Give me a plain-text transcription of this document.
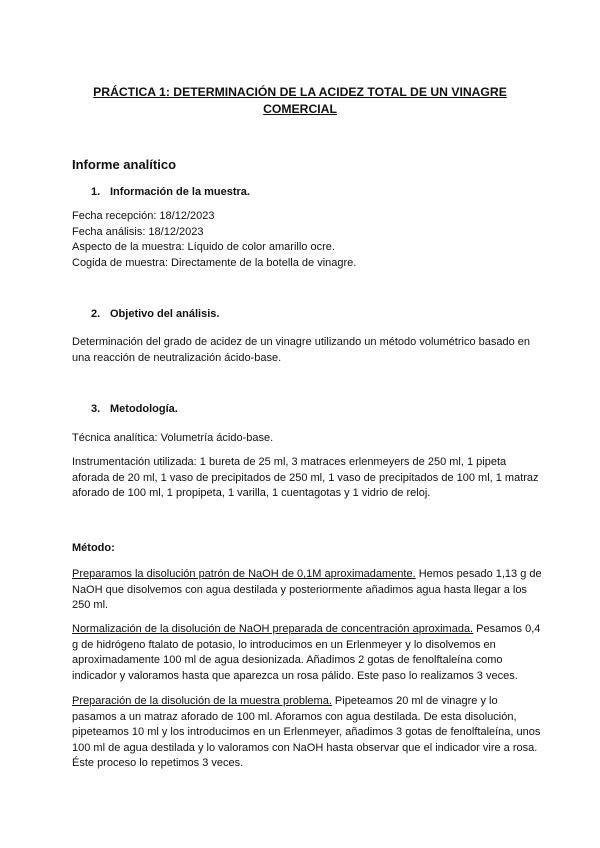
PRÁCTICA 1: DETERMINACIÓN DE LA ACIDEZ TOTAL DE UN VINAGRE
COMERCIAL
Informe analítico
1. Información de la muestra.
Fecha recepción: 18/12/2023
Fecha análisis: 18/12/2023
Aspecto de la muestra: Líquido de color amarillo ocre.
Cogida de muestra: Directamente de la botella de vinagre.
2. Objetivo del análisis.
Determinación del grado de acidez de un vinagre utilizando un método volumétrico basado en una reacción de neutralización ácido-base.
3. Metodología.
Técnica analítica: Volumetría ácido-base.
Instrumentación utilizada: 1 bureta de 25 ml, 3 matraces erlenmeyers de 250 ml, 1 pipeta aforada de 20 ml, 1 vaso de precipitados de 250 ml, 1 vaso de precipitados de 100 ml, 1 matraz aforado de 100 ml, 1 propipeta, 1 varilla, 1 cuentagotas y 1 vidrio de reloj.
Método:
Preparamos la disolución patrón de NaOH de 0,1M aproximadamente. Hemos pesado 1,13 g de NaOH que disolvemos con agua destilada y posteriormente añadimos agua hasta llegar a los 250 ml.
Normalización de la disolución de NaOH preparada de concentración aproximada. Pesamos 0,4 g de hidrógeno ftalato de potasio, lo introducimos en un Erlenmeyer y lo disolvemos en aproximadamente 100 ml de agua desionizada. Añadimos 2 gotas de fenolftaleína como indicador y valoramos hasta que aparezca un rosa pálido. Este paso lo realizamos 3 veces.
Preparación de la disolución de la muestra problema. Pipeteamos 20 ml de vinagre y lo pasamos a un matraz aforado de 100 ml. Aforamos con agua destilada. De esta disolución, pipeteamos 10 ml y los introducimos en un Erlenmeyer, añadimos 3 gotas de fenolftaleína, unos 100 ml de agua destilada y lo valoramos con NaOH hasta observar que el indicador vire a rosa. Éste proceso lo repetimos 3 veces.
